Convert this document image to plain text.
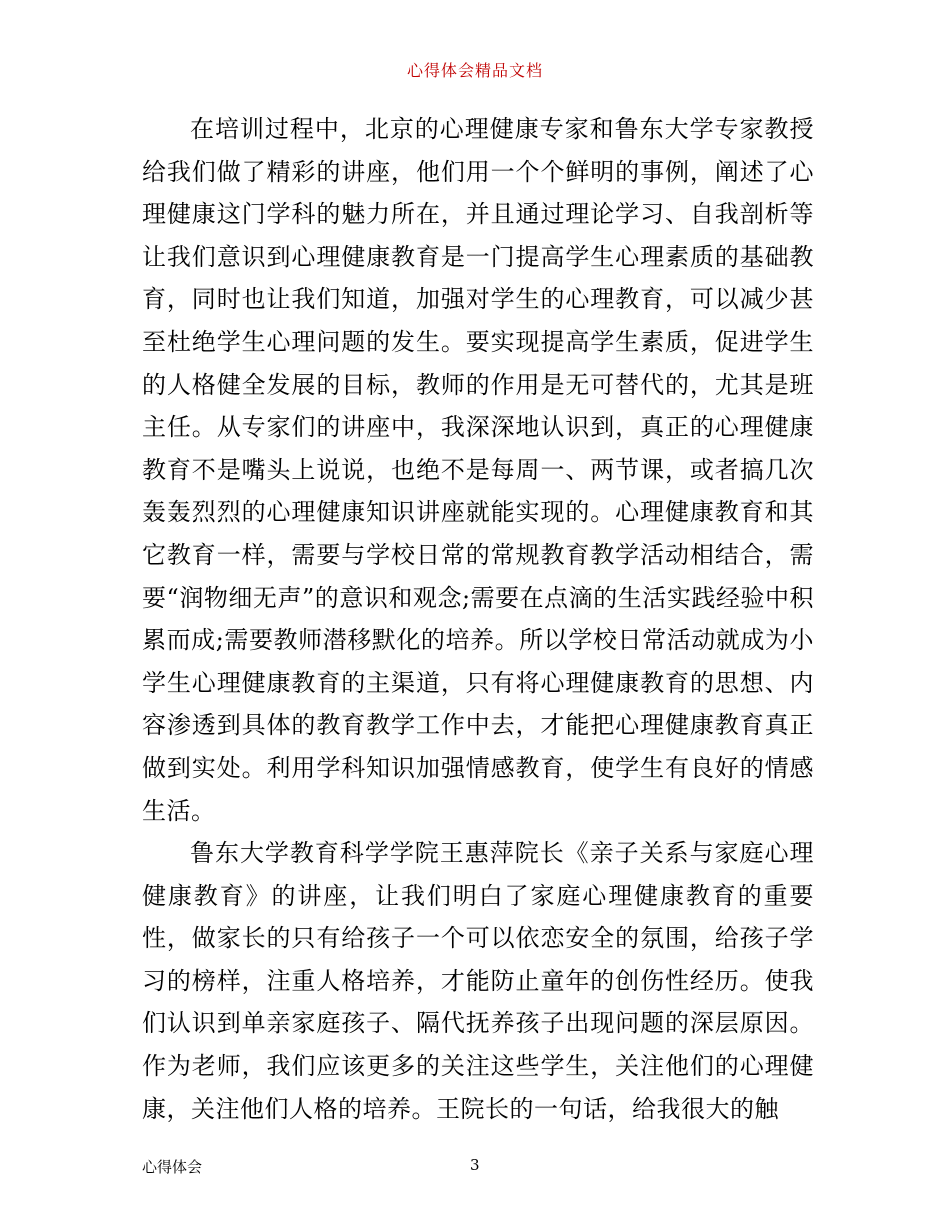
心得体会精品文档

在培训过程中，北京的心理健康专家和鲁东大学专家教授给我们做了精彩的讲座，他们用一个个鲜明的事例，阐述了心理健康这门学科的魅力所在，并且通过理论学习、自我剖析等让我们意识到心理健康教育是一门提高学生心理素质的基础教育，同时也让我们知道，加强对学生的心理教育，可以减少甚至杜绝学生心理问题的发生。要实现提高学生素质，促进学生的人格健全发展的目标，教师的作用是无可替代的，尤其是班主任。从专家们的讲座中，我深深地认识到，真正的心理健康教育不是嘴头上说说，也绝不是每周一、两节课，或者搞几次轰轰烈烈的心理健康知识讲座就能实现的。心理健康教育和其它教育一样，需要与学校日常的常规教育教学活动相结合，需要“润物细无声”的意识和观念;需要在点滴的生活实践经验中积累而成;需要教师潜移默化的培养。所以学校日常活动就成为小学生心理健康教育的主渠道，只有将心理健康教育的思想、内容渗透到具体的教育教学工作中去，才能把心理健康教育真正做到实处。利用学科知识加强情感教育，使学生有良好的情感生活。

鲁东大学教育科学学院王惠萍院长《亲子关系与家庭心理健康教育》的讲座，让我们明白了家庭心理健康教育的重要性，做家长的只有给孩子一个可以依恋安全的氛围，给孩子学习的榜样，注重人格培养，才能防止童年的创伤性经历。使我们认识到单亲家庭孩子、隔代抚养孩子出现问题的深层原因。作为老师，我们应该更多的关注这些学生，关注他们的心理健康，关注他们人格的培养。王院长的一句话，给我很大的触

心得体会	3
